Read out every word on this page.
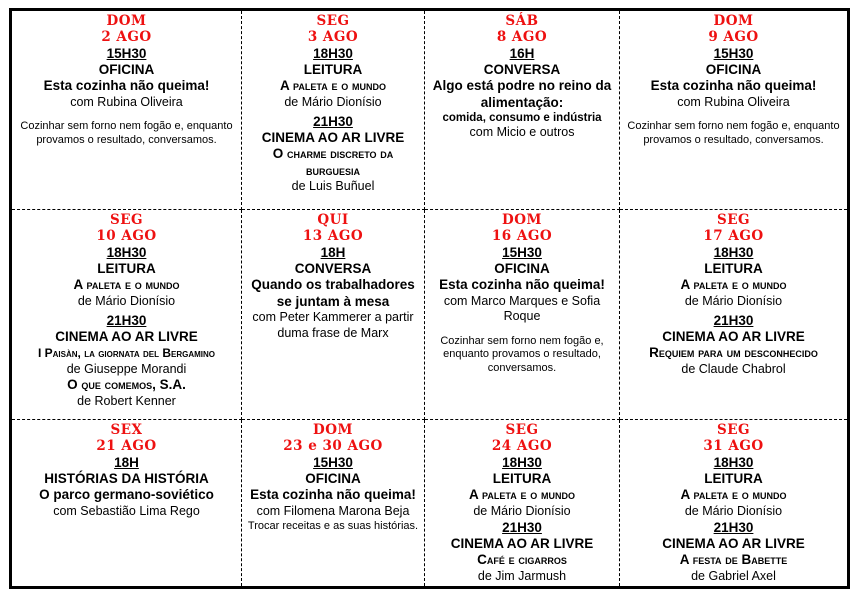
DOM
2 AGO
15H30
OFICINA
Esta cozinha não queima!
com Rubina Oliveira
Cozinhar sem forno nem fogão e, enquanto provamos o resultado, conversamos.
SEG
3 AGO
18H30
LEITURA
A paleta e o mundo
de Mário Dionísio
21H30
CINEMA AO AR LIVRE
O charme discreto da burguesia
de Luis Buñuel
SÁB
8 AGO
16H
CONVERSA
Algo está podre no reino da alimentação:
comida, consumo e indústria
com Micio e outros
DOM
9 AGO
15H30
OFICINA
Esta cozinha não queima!
com Rubina Oliveira
Cozinhar sem forno nem fogão e, enquanto provamos o resultado, conversamos.
SEG
10 AGO
18H30
LEITURA
A paleta e o mundo
de Mário Dionísio
21H30
CINEMA AO AR LIVRE
I Paisàn, la giornata del Bergamino
de Giuseppe Morandi
O que comemos, S.A.
de Robert Kenner
QUI
13 AGO
18H
CONVERSA
Quando os trabalhadores se juntam à mesa
com Peter Kammerer a partir duma frase de Marx
DOM
16 AGO
15H30
OFICINA
Esta cozinha não queima!
com Marco Marques e Sofia Roque
Cozinhar sem forno nem fogão e, enquanto provamos o resultado, conversamos.
SEG
17 AGO
18H30
LEITURA
A paleta e o mundo
de Mário Dionísio
21H30
CINEMA AO AR LIVRE
Requiem para um desconhecido
de Claude Chabrol
SEX
21 AGO
18H
HISTÓRIAS DA HISTÓRIA
O parco germano-soviético
com Sebastião Lima Rego
DOM
23 e 30 AGO
15H30
OFICINA
Esta cozinha não queima!
com Filomena Marona Beja
Trocar receitas e as suas histórias.
SEG
24 AGO
18H30
LEITURA
A paleta e o mundo
de Mário Dionísio
21H30
CINEMA AO AR LIVRE
Café e cigarros
de Jim Jarmush
SEG
31 AGO
18H30
LEITURA
A paleta e o mundo
de Mário Dionísio
21H30
CINEMA AO AR LIVRE
A festa de Babette
de Gabriel Axel
